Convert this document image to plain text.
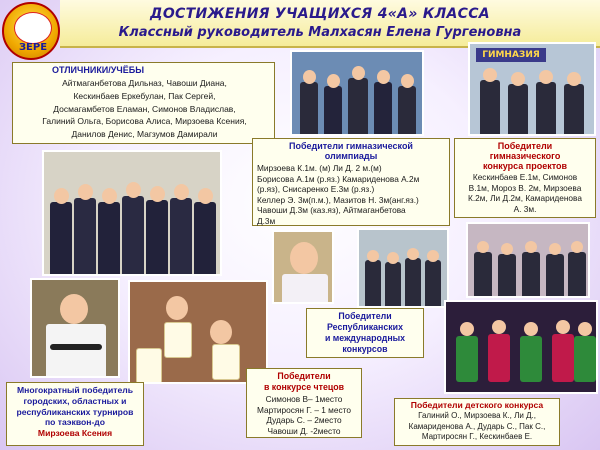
ДОСТИЖЕНИЯ УЧАЩИХСЯ 4«А» КЛАССА
Классный руководитель Малхасян Елена Гургеновна
ЗЕРЕ
ОТЛИЧНИКИ/УЧЁБЫ
Айтмаганбетова Дильназ, Чавоши Диана,
Кескинбаев Еркебулан, Пак Сергей,
Досмагамбетов Еламан, Симонов Владислав,
Галиний Ольга, Борисова Алиса, Мирзоева Ксения,
Данилов Денис, Магзумов Дамирали
ГИМНАЗИЯ
Победители гимназической
олимпиады
Мирзоева К.1м. (м) Ли Д. 2 м.(м)
Борисова А.1м (р.яз.) Камариденова А.2м
(р.яз), Снисаренко Е.3м (р.яз.)
Келлер Э. 3м(п.м.), Мазитов Н. 3м(анг.яз.)
Чавоши Д.3м (каз.яз), Айтмаганбетова
Д.3м
Победители
гимназического
конкурса проектов
Кескинбаев Е.1м, Симонов
В.1м, Мороз В. 2м, Мирзоева
К.2м, Ли Д.2м, Камариденова
А. 3м.
Победители
Республиканских
и международных
конкурсов
Многократный победитель
городских, областных и
республиканских турниров
по таэквон-до
Мирзоева Ксения
Победители
в конкурсе чтецов
Симонов В– 1место
Мартиросян Г. – 1 место
Дударь С. – 2место
Чавоши Д. -2место
Победители детского конкурса
Галиний О., Мирзоева К., Ли Д.,
Камариденова А., Дударь С., Пак С.,
Мартиросян Г., Кескинбаев Е.
